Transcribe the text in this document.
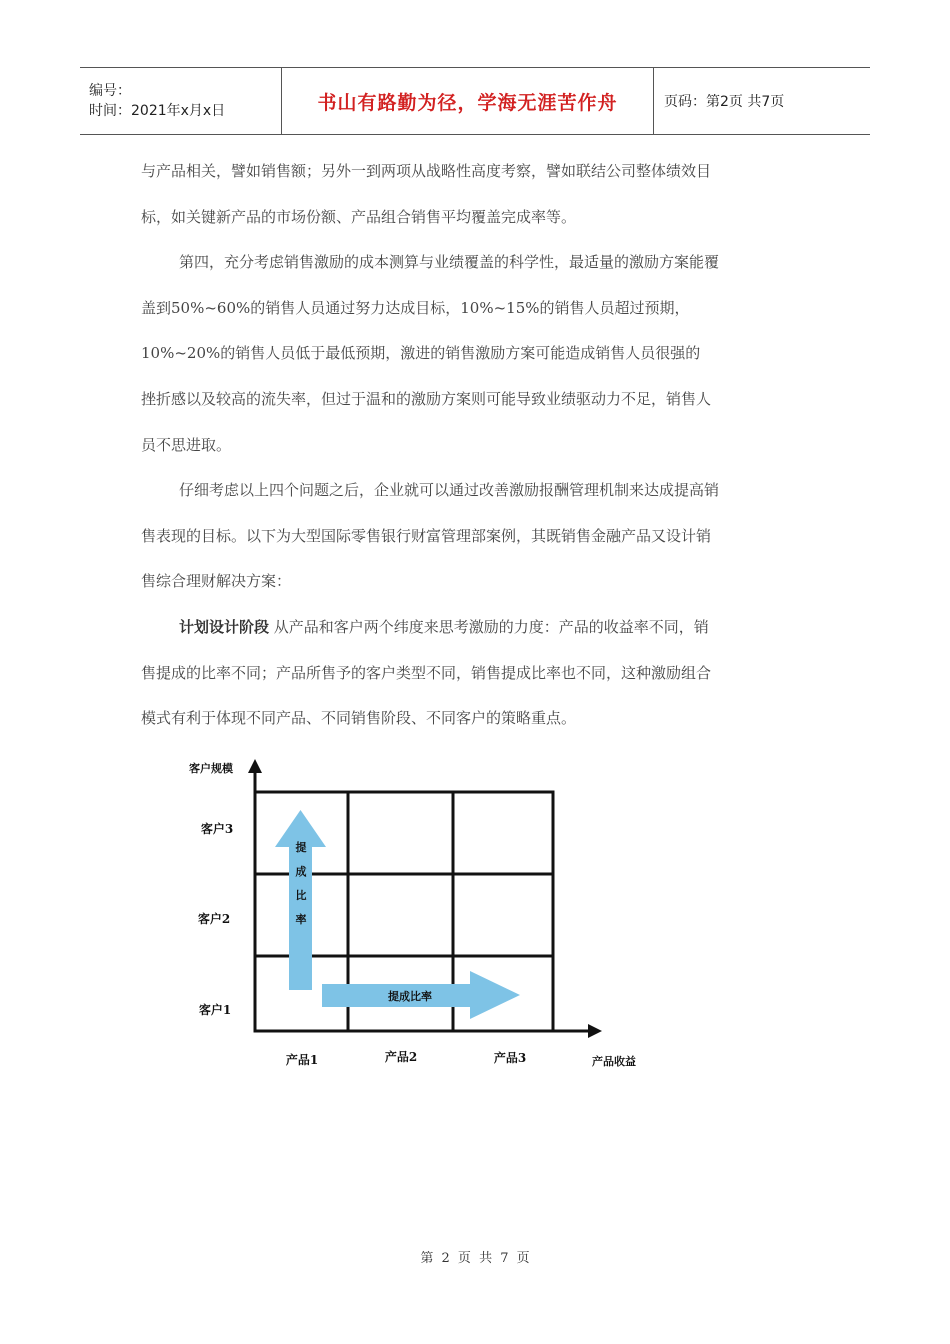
编号：
时间：2021年x月x日	书山有路勤为径，学海无涯苦作舟	页码：第2页 共7页

与产品相关，譬如销售额；另外一到两项从战略性高度考察，譬如联结公司整体绩效目

标，如关键新产品的市场份额、产品组合销售平均覆盖完成率等。

第四，充分考虑销售激励的成本测算与业绩覆盖的科学性，最适量的激励方案能覆

盖到50%~60%的销售人员通过努力达成目标，10%~15%的销售人员超过预期，

10%~20%的销售人员低于最低预期，激进的销售激励方案可能造成销售人员很强的

挫折感以及较高的流失率，但过于温和的激励方案则可能导致业绩驱动力不足，销售人

员不思进取。

仔细考虑以上四个问题之后，企业就可以通过改善激励报酬管理机制来达成提高销

售表现的目标。以下为大型国际零售银行财富管理部案例，其既销售金融产品又设计销

售综合理财解决方案：

计划设计阶段 从产品和客户两个纬度来思考激励的力度：产品的收益率不同，销

售提成的比率不同；产品所售予的客户类型不同，销售提成比率也不同，这种激励组合

模式有利于体现不同产品、不同销售阶段、不同客户的策略重点。

提
成
比
率
提成比率
客户规模
产品收益
客户3
客户2
客户1
产品1	产品2	产品3
第 2 页 共 7 页
